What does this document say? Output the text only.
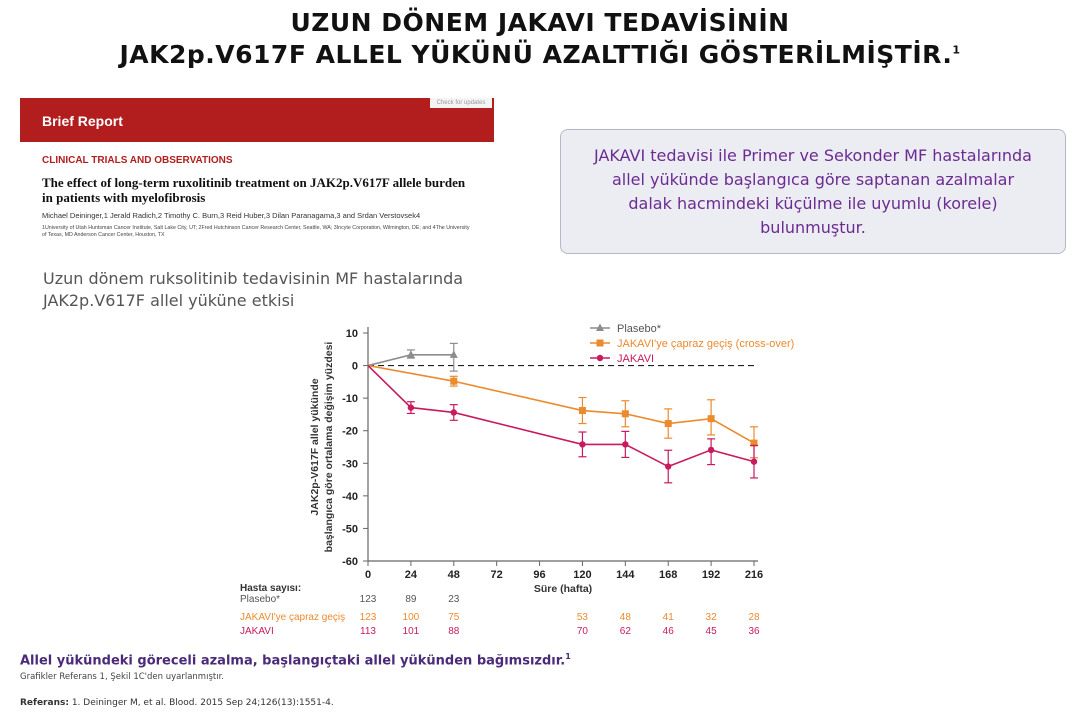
UZUN DÖNEM JAKAVI TEDAVİSİNİN
JAK2p.V617F ALLEL YÜKÜNÜ AZALTTIĞI GÖSTERİLMİŞTİR.$^1$
Brief Report
Check for updates
CLINICAL TRIALS AND OBSERVATIONS
The effect of long-term ruxolitinib treatment on JAK2p.V617F allele burden in patients with myelofibrosis
Michael Deininger,1 Jerald Radich,2 Timothy C. Burn,3 Reid Huber,3 Dilan Paranagama,3 and Srdan Verstovsek4
1University of Utah Huntsman Cancer Institute, Salt Lake City, UT; 2Fred Hutchinson Cancer Research Center, Seattle, WA; 3Incyte Corporation, Wilmington, DE; and 4The University of Texas, MD Anderson Cancer Center, Houston, TX
JAKAVI tedavisi ile Primer ve Sekonder MF hastalarında allel yükünde başlangıca göre saptanan azalmalar dalak hacmindeki küçülme ile uyumlu (korele) bulunmuştur.
Uzun dönem ruksolitinib tedavisinin MF hastalarında JAK2p.V617F allel yüküne etkisi
10
0
-10
-20
-30
-40
-50
-60
0	24	48	72	96	120 144 168 192 216
Süre (hafta)
JAK2p-V617F allel yükünde başlangıca göre ortalama değişim yüzdesi
Plasebo*
JAKAVI'ye çapraz geçiş (cross-over)
JAKAVI
Hasta sayısı:
Plasebo*	123	89	23
JAKAVI'ye çapraz geçiş	123	100	75	53	48	41	32	28
JAKAVI	113	101	88	70	62	46	45	36
Allel yükündeki göreceli azalma, başlangıçtaki allel yükünden bağımsızdır.$^1$
Grafikler Referans 1, Şekil 1C'den uyarlanmıştır.
Referans: 1. Deininger M, et al. Blood. 2015 Sep 24;126(13):1551-4.
